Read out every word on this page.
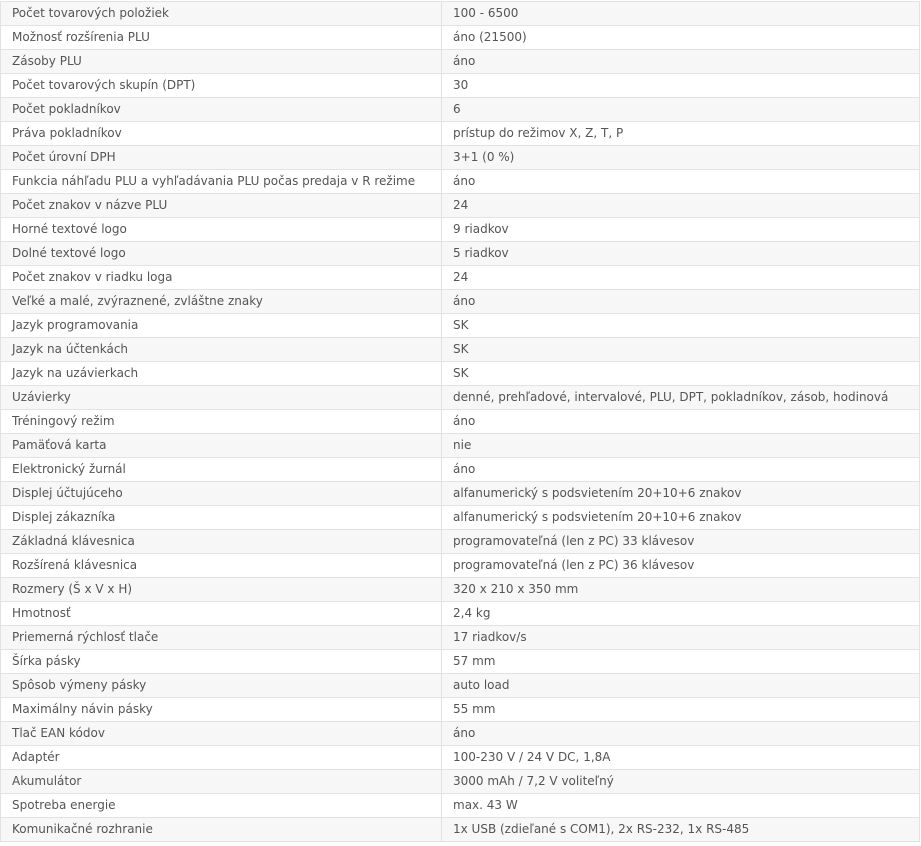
Počet tovarových položiek	100 - 6500
Možnosť rozšírenia PLU	áno (21500)
Zásoby PLU	áno
Počet tovarových skupín (DPT)	30
Počet pokladníkov	6
Práva pokladníkov	prístup do režimov X, Z, T, P
Počet úrovní DPH	3+1 (0 %)
Funkcia náhľadu PLU a vyhľadávania PLU počas predaja v R režime	áno
Počet znakov v názve PLU	24
Horné textové logo	9 riadkov
Dolné textové logo	5 riadkov
Počet znakov v riadku loga	24
Veľké a malé, zvýraznené, zvláštne znaky	áno
Jazyk programovania	SK
Jazyk na účtenkách	SK
Jazyk na uzávierkach	SK
Uzávierky	denné, prehľadové, intervalové, PLU, DPT, pokladníkov, zásob, hodinová
Tréningový režim	áno
Pamäťová karta	nie
Elektronický žurnál	áno
Displej účtujúceho	alfanumerický s podsvietením 20+10+6 znakov
Displej zákazníka	alfanumerický s podsvietením 20+10+6 znakov
Základná klávesnica	programovateľná (len z PC) 33 klávesov
Rozšírená klávesnica	programovateľná (len z PC) 36 klávesov
Rozmery (Š x V x H)	320 x 210 x 350 mm
Hmotnosť	2,4 kg
Priemerná rýchlosť tlače	17 riadkov/s
Šírka pásky	57 mm
Spôsob výmeny pásky	auto load
Maximálny návin pásky	55 mm
Tlač EAN kódov	áno
Adaptér	100-230 V / 24 V DC, 1,8A
Akumulátor	3000 mAh / 7,2 V voliteľný
Spotreba energie	max. 43 W
Komunikačné rozhranie	1x USB (zdieľané s COM1), 2x RS-232, 1x RS-485
